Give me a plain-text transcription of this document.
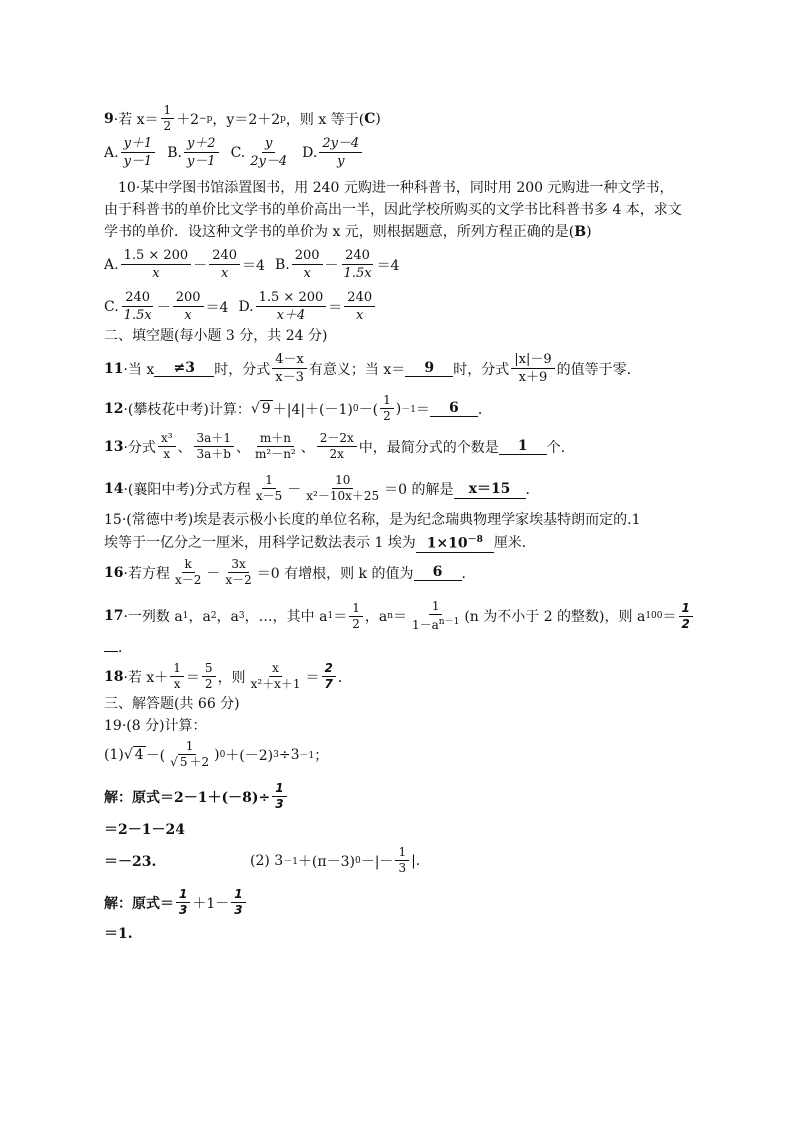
9 ·若 x＝
1
2 ＋2 −p ，y＝2＋2 p ，则 x 等于( C )
A.
y＋1
y－1
B.
y＋2
y－1
C.
y
2y－4
D.
2y－4
y
10·某中学图书馆添置图书，用 240 元购进一种科普书，同时用 200 元购进一种文学书，
由于科普书的单价比文学书的单价高出一半，因此学校所购买的文学书比科普书多 4 本，求文
学书的单价．设这种文学书的单价为 x 元，则根据题意，所列方程正确的是(B)
A.
1.5 × 200
x －
240
x ＝4 B.
200
x －
240
1.5x ＝4
C.
240
1.5x －
200
x ＝4 D.
1.5 × 200
x＋4 ＝
240
x
二、填空题(每小题 3 分，共 24 分)
11 ·当 x	≠3	时，分式
4－x
x－3 有意义；当 x＝	9	时，分式
|x|－9
x＋9 的值等于零．
12 ·(攀枝花中考) 计算： √ 9 ＋|4|＋(－1) 0 －(
1
2 ) －1 ＝	6	．
13 ·分式
x³
x 、
3a＋1
3a＋b 、
m＋n
m²－n² 、
2－2x
2x 中，最简分式的个数是	1	个．
14 ·(襄阳中考) 分式方程
1
x－5 －
10
x²－10x＋25 ＝0 的解是	x＝15	．
15·(常德中考)埃是表示极小长度的单位名称，是为纪念瑞典物理学家埃基特朗而定的.1
埃等于一亿分之一厘米，用科学记数法表示 1 埃为 $1\times 10^{-8}$ 厘米．
16 ·若方程
k
x－2 －
3x
x－2 ＝0 有增根，则 k 的值为	6	．
17 ·一列数 a 1 ，a 2 ，a 3 ，…，其中 a 1 ＝
1
2 ，a n ＝
1
$1-a^{n-1}$ (n 为不小于 2 的整数)，则 a 100 ＝
1
2
．
18 ·若 x＋
1
x ＝
5
2 ，则
x
x²＋x＋1 ＝
2
7 ．
三、解答题(共 66 分)
19·(8 分)计算：
(1) √ 4 －(
1
√ 5 ＋2 ) 0 ＋(－2) 3 ÷3 －1 ；
解：原式$=2-1+(-8)\div \frac{1}{3}$
＝2－1－24
＝－23.	(2) 3 －1 ＋(π－3) 0 －|－
1
3 |.
解：原式＝
1
3 ＋1－
1
3
＝1.
